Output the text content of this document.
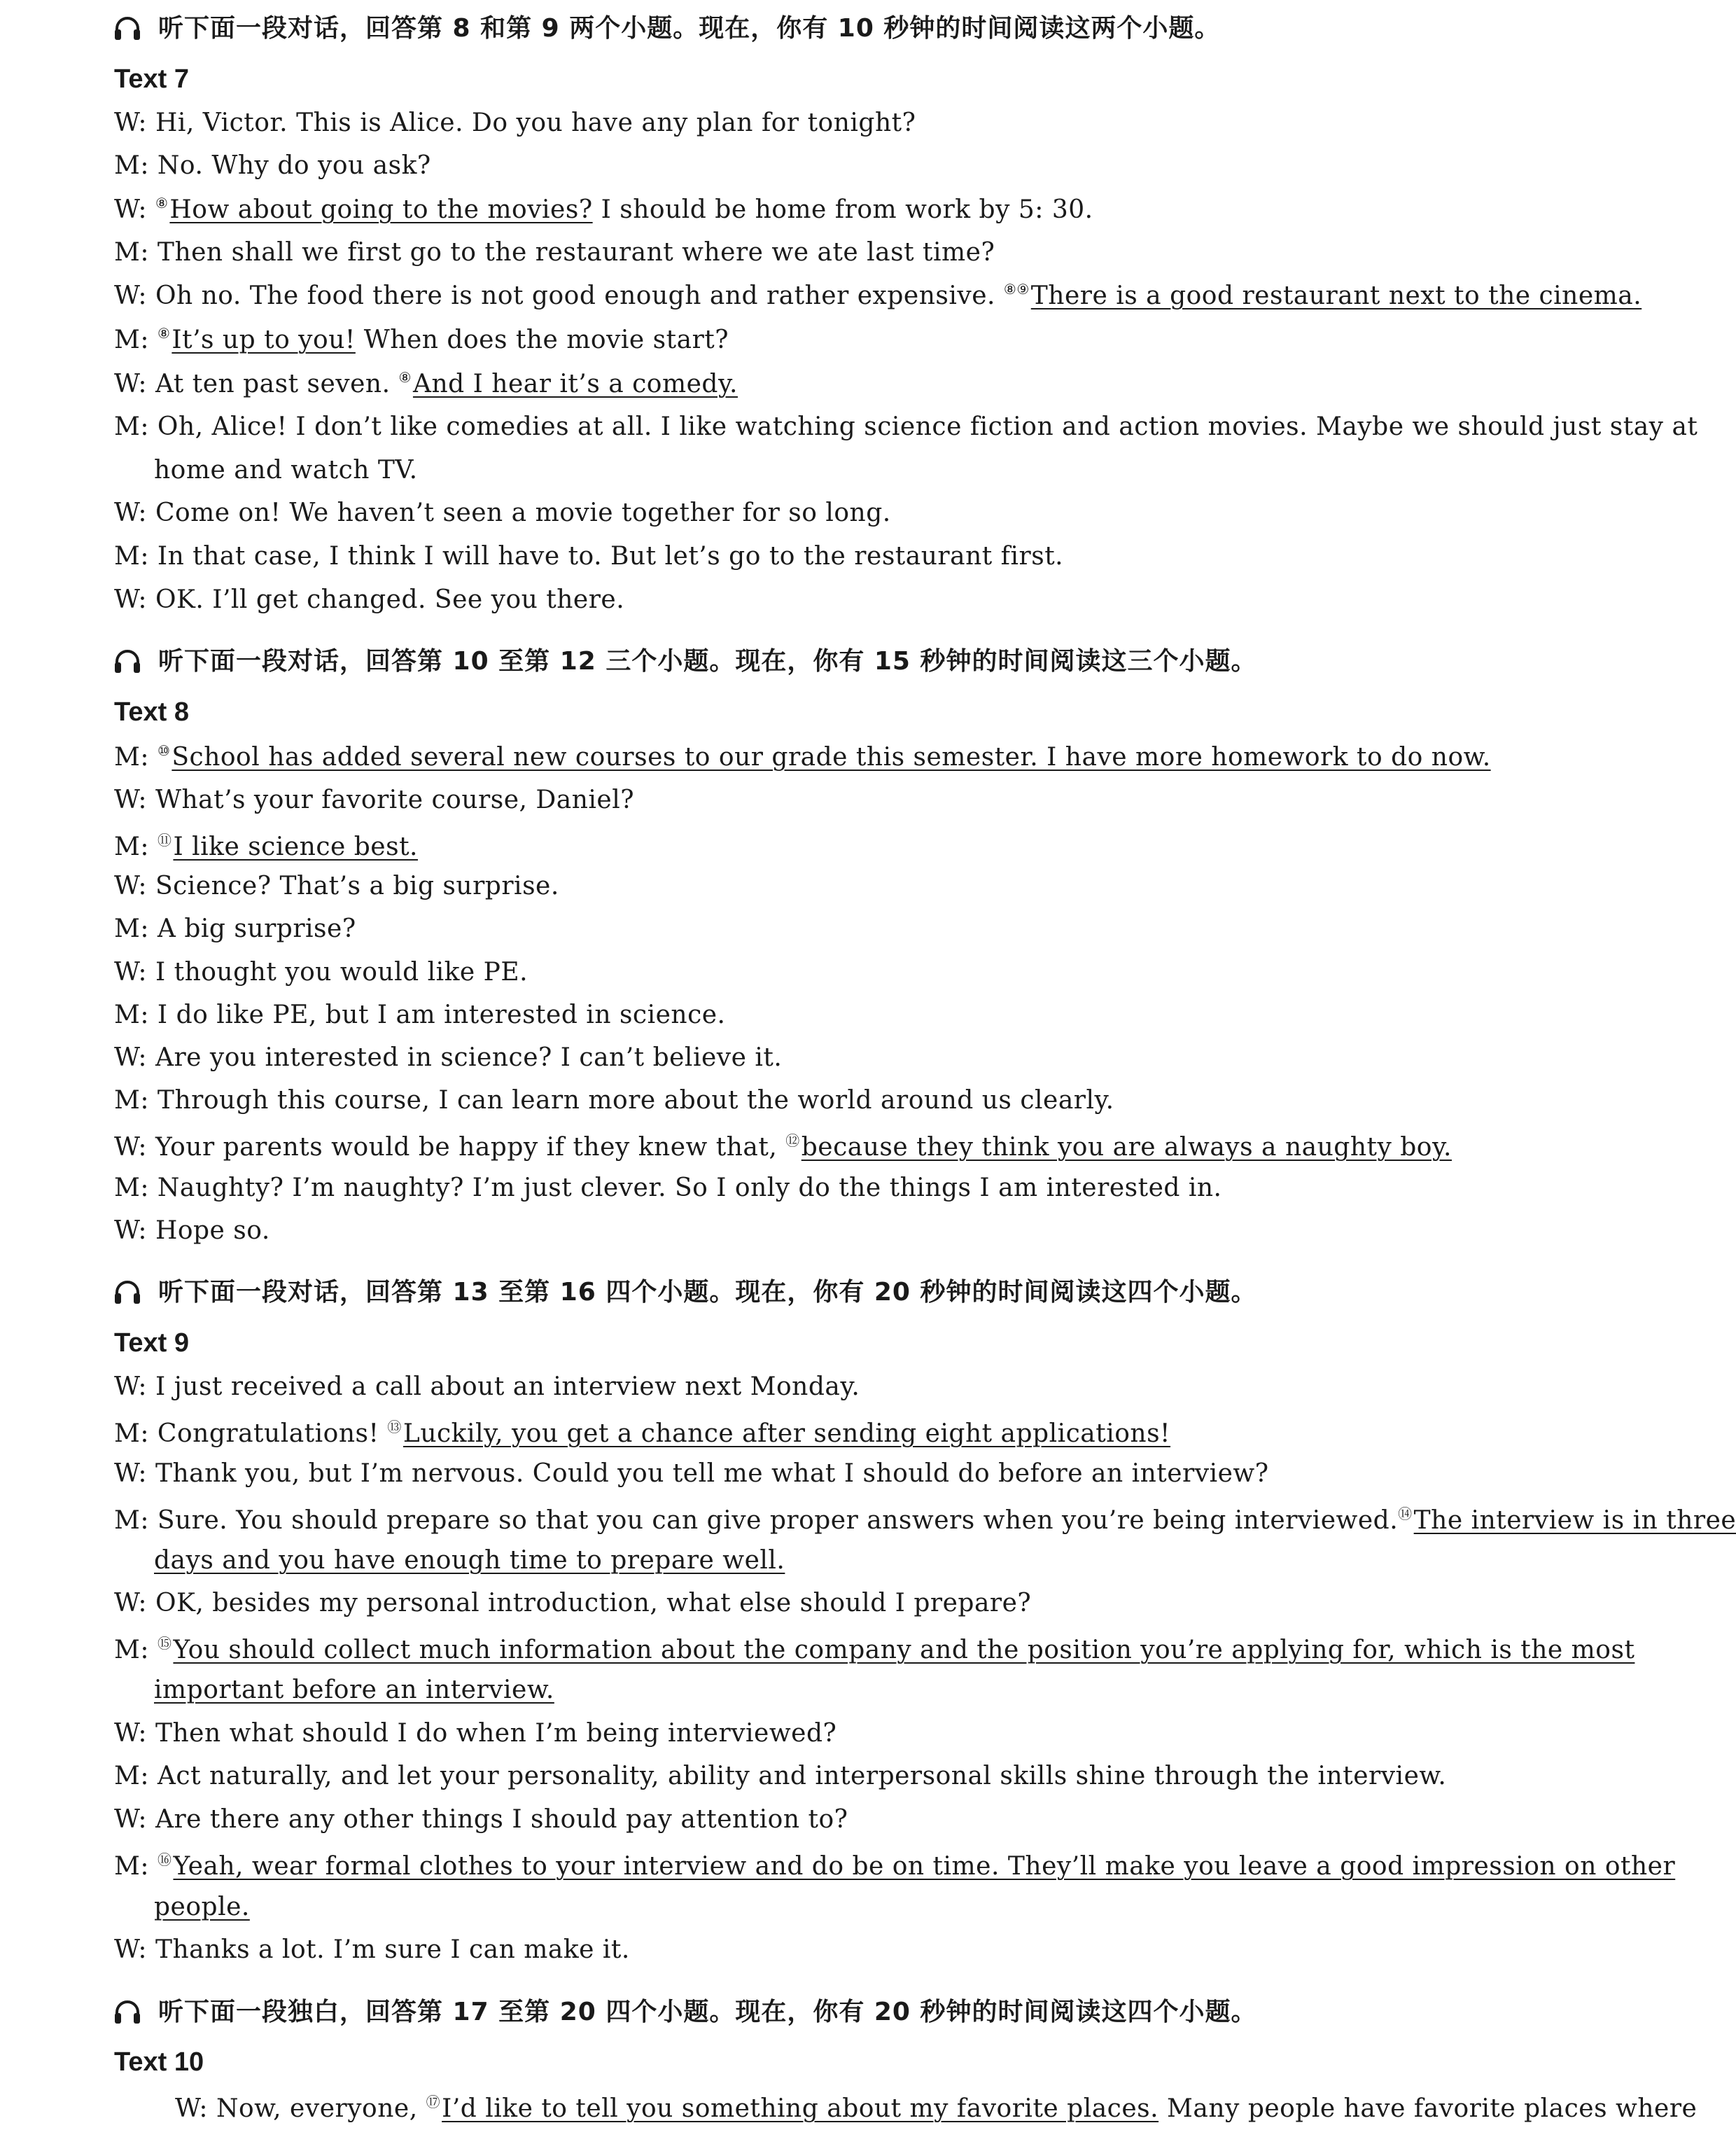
听下面一段对话，回答第 8 和第 9 两个小题。现在，你有 10 秒钟的时间阅读这两个小题。
Text 7
W: Hi, Victor. This is Alice. Do you have any plan for tonight?
M: No. Why do you ask?
W: ⑧How about going to the movies? I should be home from work by 5: 30.
M: Then shall we first go to the restaurant where we ate last time?
W: Oh no. The food there is not good enough and rather expensive. ⑧⑨There is a good restaurant next to the cinema.
M: ⑧It’s up to you! When does the movie start?
W: At ten past seven. ⑧And I hear it’s a comedy.
M: Oh, Alice! I don’t like comedies at all. I like watching science fiction and action movies. Maybe we should just stay at
home and watch TV.
W: Come on! We haven’t seen a movie together for so long.
M: In that case, I think I will have to. But let’s go to the restaurant first.
W: OK. I’ll get changed. See you there.
听下面一段对话，回答第 10 至第 12 三个小题。现在，你有 15 秒钟的时间阅读这三个小题。
Text 8
M: ⑩School has added several new courses to our grade this semester. I have more homework to do now.
W: What’s your favorite course, Daniel?
M: ⑪I like science best.
W: Science? That’s a big surprise.
M: A big surprise?
W: I thought you would like PE.
M: I do like PE, but I am interested in science.
W: Are you interested in science? I can’t believe it.
M: Through this course, I can learn more about the world around us clearly.
W: Your parents would be happy if they knew that, ⑫because they think you are always a naughty boy.
M: Naughty? I’m naughty? I’m just clever. So I only do the things I am interested in.
W: Hope so.
听下面一段对话，回答第 13 至第 16 四个小题。现在，你有 20 秒钟的时间阅读这四个小题。
Text 9
W: I just received a call about an interview next Monday.
M: Congratulations! ⑬Luckily, you get a chance after sending eight applications!
W: Thank you, but I’m nervous. Could you tell me what I should do before an interview?
M: Sure. You should prepare so that you can give proper answers when you’re being interviewed.⑭The interview is in three
days and you have enough time to prepare well.
W: OK, besides my personal introduction, what else should I prepare?
M: ⑮You should collect much information about the company and the position you’re applying for, which is the most
important before an interview.
W: Then what should I do when I’m being interviewed?
M: Act naturally, and let your personality, ability and interpersonal skills shine through the interview.
W: Are there any other things I should pay attention to?
M: ⑯Yeah, wear formal clothes to your interview and do be on time. They’ll make you leave a good impression on other
people.
W: Thanks a lot. I’m sure I can make it.
听下面一段独白，回答第 17 至第 20 四个小题。现在，你有 20 秒钟的时间阅读这四个小题。
Text 10
W: Now, everyone, ⑰I’d like to tell you something about my favorite places. Many people have favorite places where
